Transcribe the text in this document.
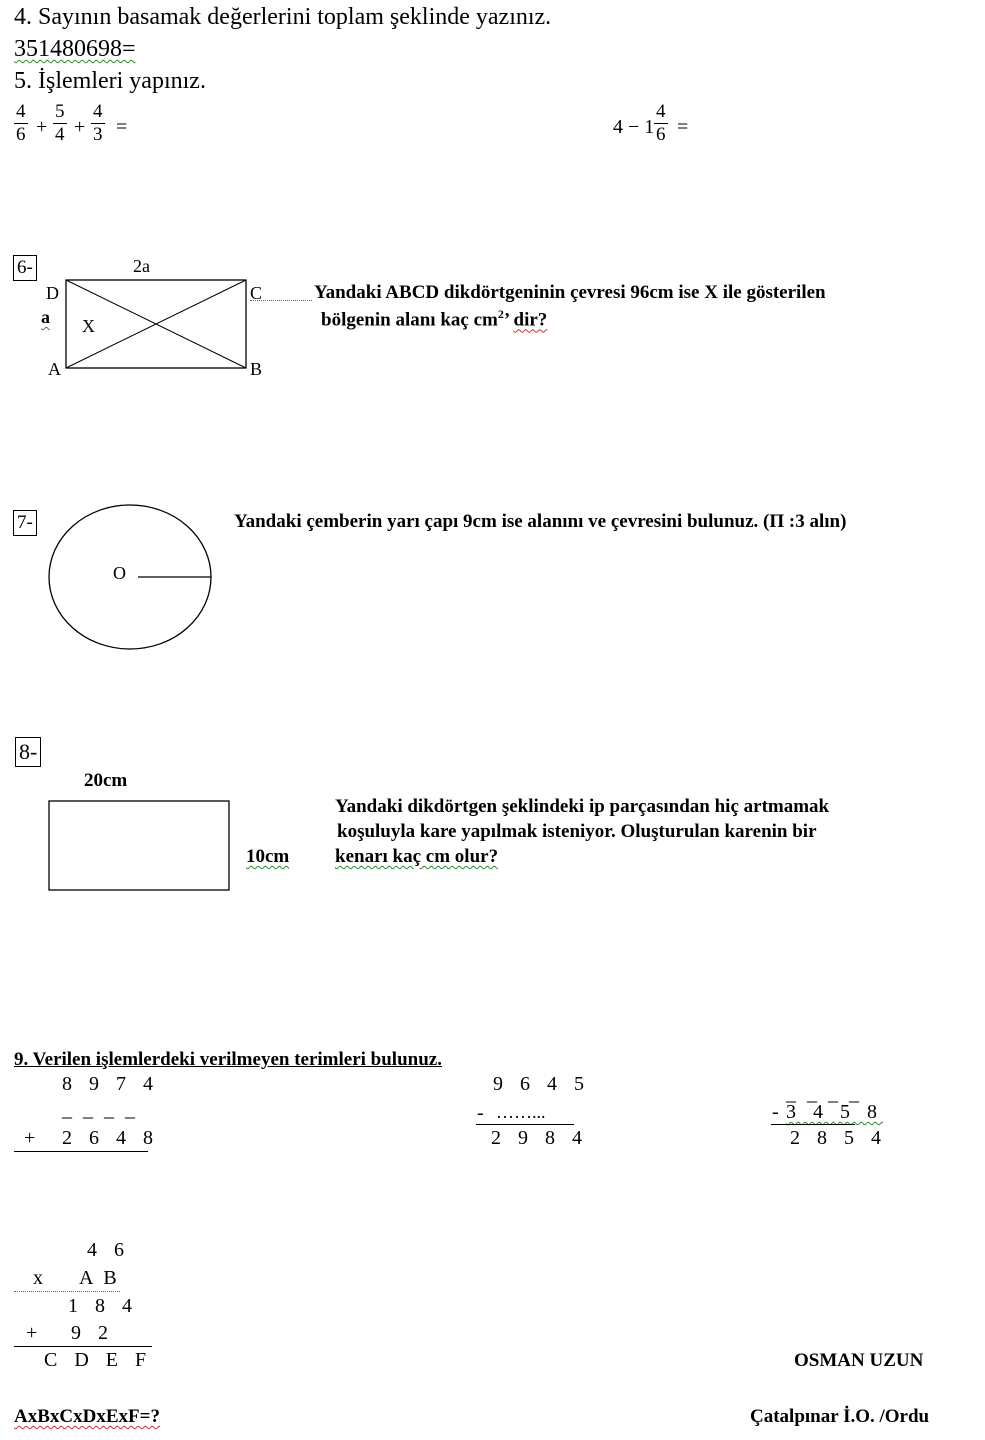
4. Sayının basamak değerlerini toplam şeklinde yazınız.
351480698=
5. İşlemleri yapınız.
$\frac{4}{6} + \frac{5}{4} + \frac{4}{3}$ =	$4 - 1 \frac{4}{6}$ =
6-	2a
D	C
A	B
a X
Yandaki ABCD dikdörtgeninin çevresi 96cm ise X ile gösterilen
bölgenin alanı kaç $cm^2$’ dir?
7-
O
Yandaki çemberin yarı çapı 9cm ise alanını ve çevresini bulunuz. (Π :3 alın)
8-
20cm
10cm
Yandaki dikdörtgen şeklindeki ip parçasından hiç artmamak
koşuluyla kare yapılmak isteniyor. Oluşturulan karenin bir
kenarı kaç cm olur?
9. Verilen işlemlerdeki verilmeyen terimleri bulunuz.
8 9 7 4
_ _ _ _
+ 2 6 4 8
9 6 4 5
- ……...
2 9 8 4
_ _ _ _
- 3 4 5 8
2 8 5 4
4 6
x A B
1 8 4
+ 9 2
C D E F	OSMAN UZUN
AxBxCxDxExF=?	Çatalpınar İ.O. /Ordu
